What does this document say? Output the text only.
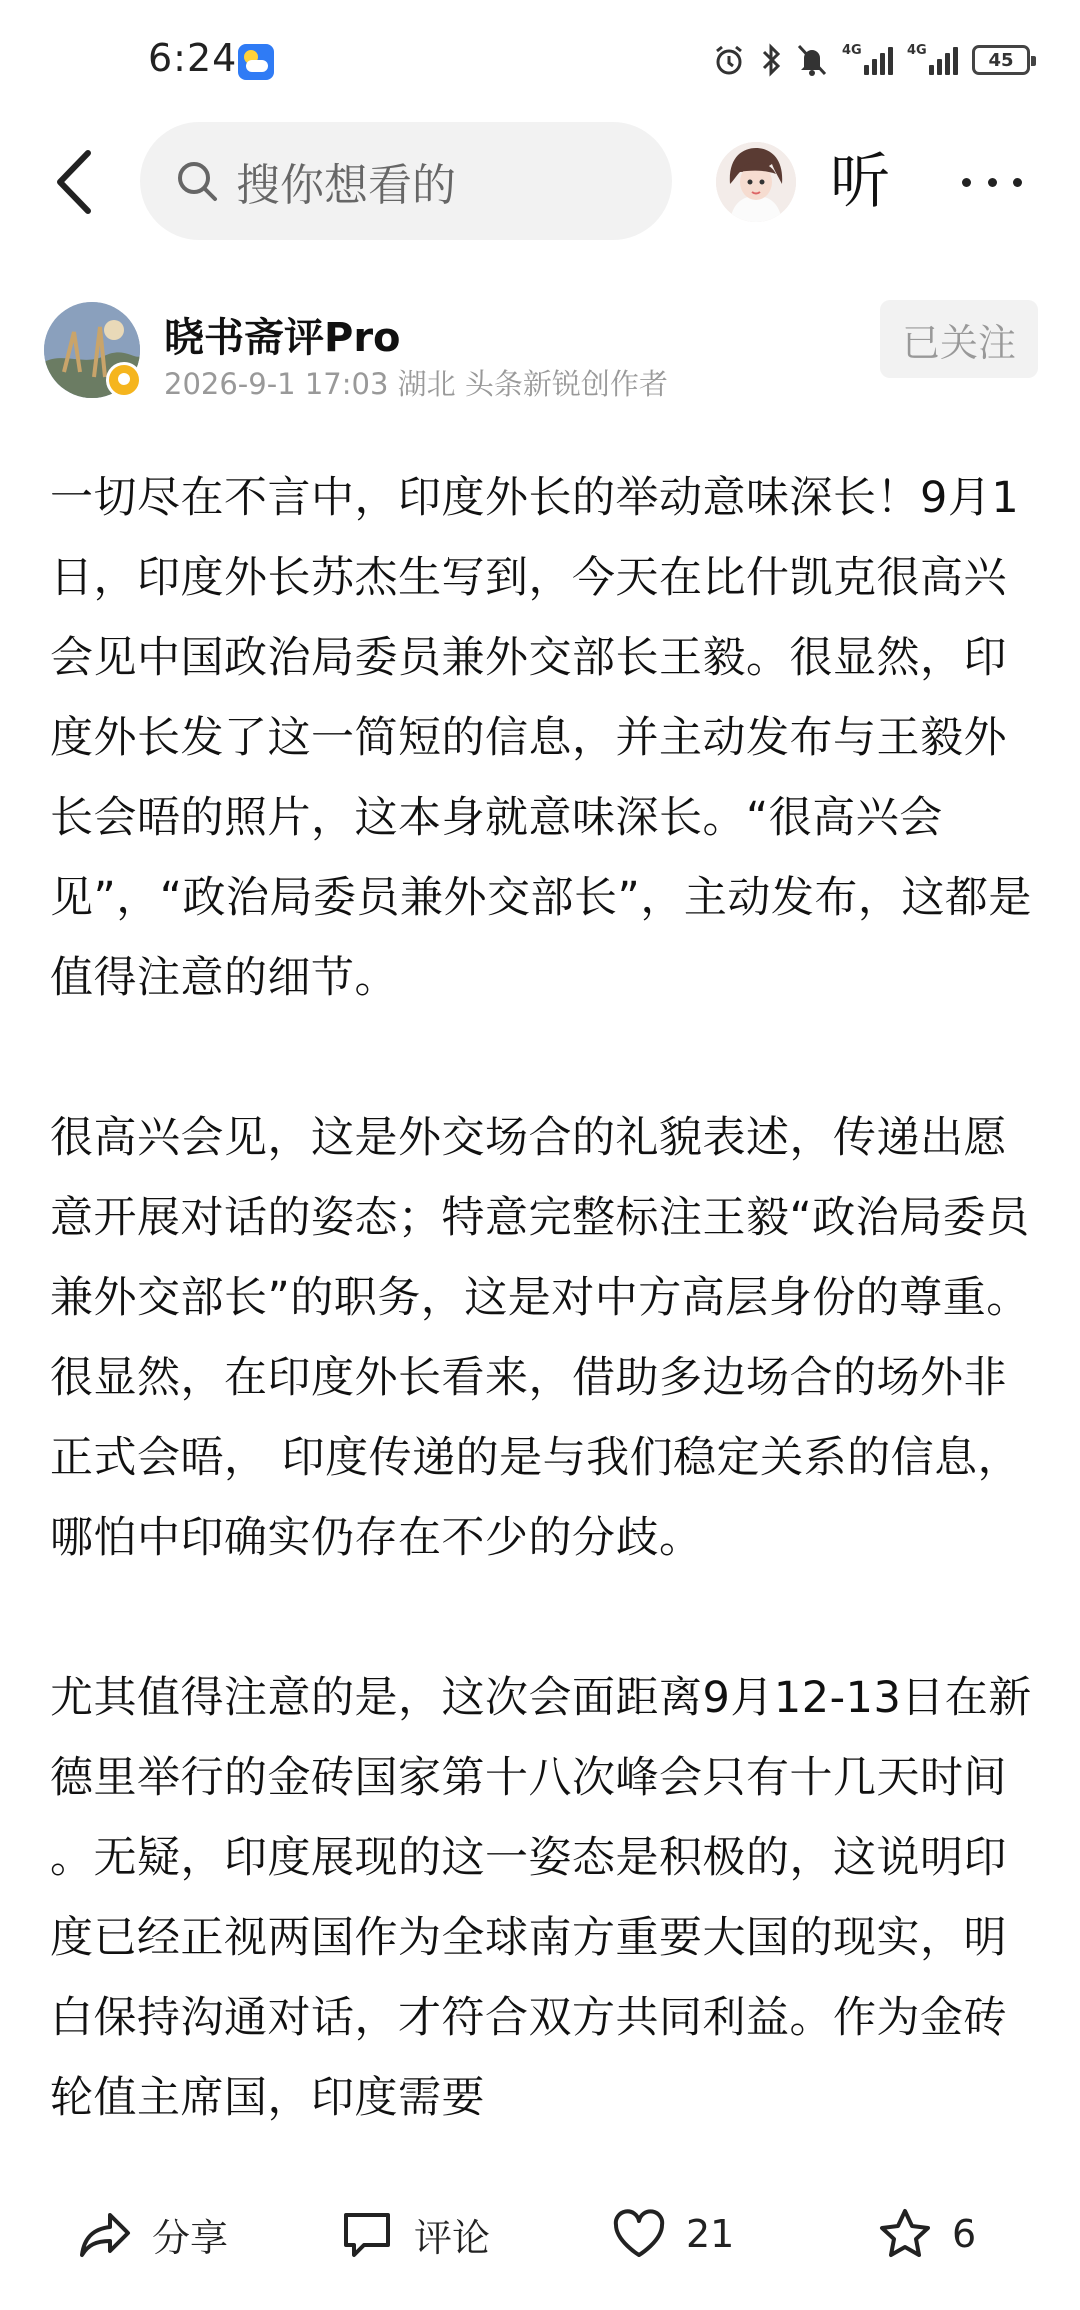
6:24	4G	4G	45
搜你想看的	听
晓书斋评Pro
2026-9-1 17:03 湖北 头条新锐创作者
已关注

一切尽在不言中，印度外长的举动意味深长！9月1日，印度外长苏杰生写到，今天在比什凯克很高兴会见中国政治局委员兼外交部长王毅。很显然，印度外长发了这一简短的信息，并主动发布与王毅外长会晤的照片，这本身就意味深长。“很高兴会见”，“政治局委员兼外交部长”，主动发布，这都是值得注意的细节。

很高兴会见，这是外交场合的礼貌表述，传递出愿意开展对话的姿态；特意完整标注王毅“政治局委员兼外交部长”的职务，这是对中方高层身份的尊重。很显然，在印度外长看来，借助多边场合的场外非正式会晤， 印度传递的是与我们稳定关系的信息，哪怕中印确实仍存在不少的分歧。

尤其值得注意的是，这次会面距离9月12-13日在新德里举行的金砖国家第十八次峰会只有十几天时间 。无疑，印度展现的这一姿态是积极的，这说明印度已经正视两国作为全球南方重要大国的现实，明白保持沟通对话，才符合双方共同利益。作为金砖轮值主席国，印度需要

分享	评论	21	6
